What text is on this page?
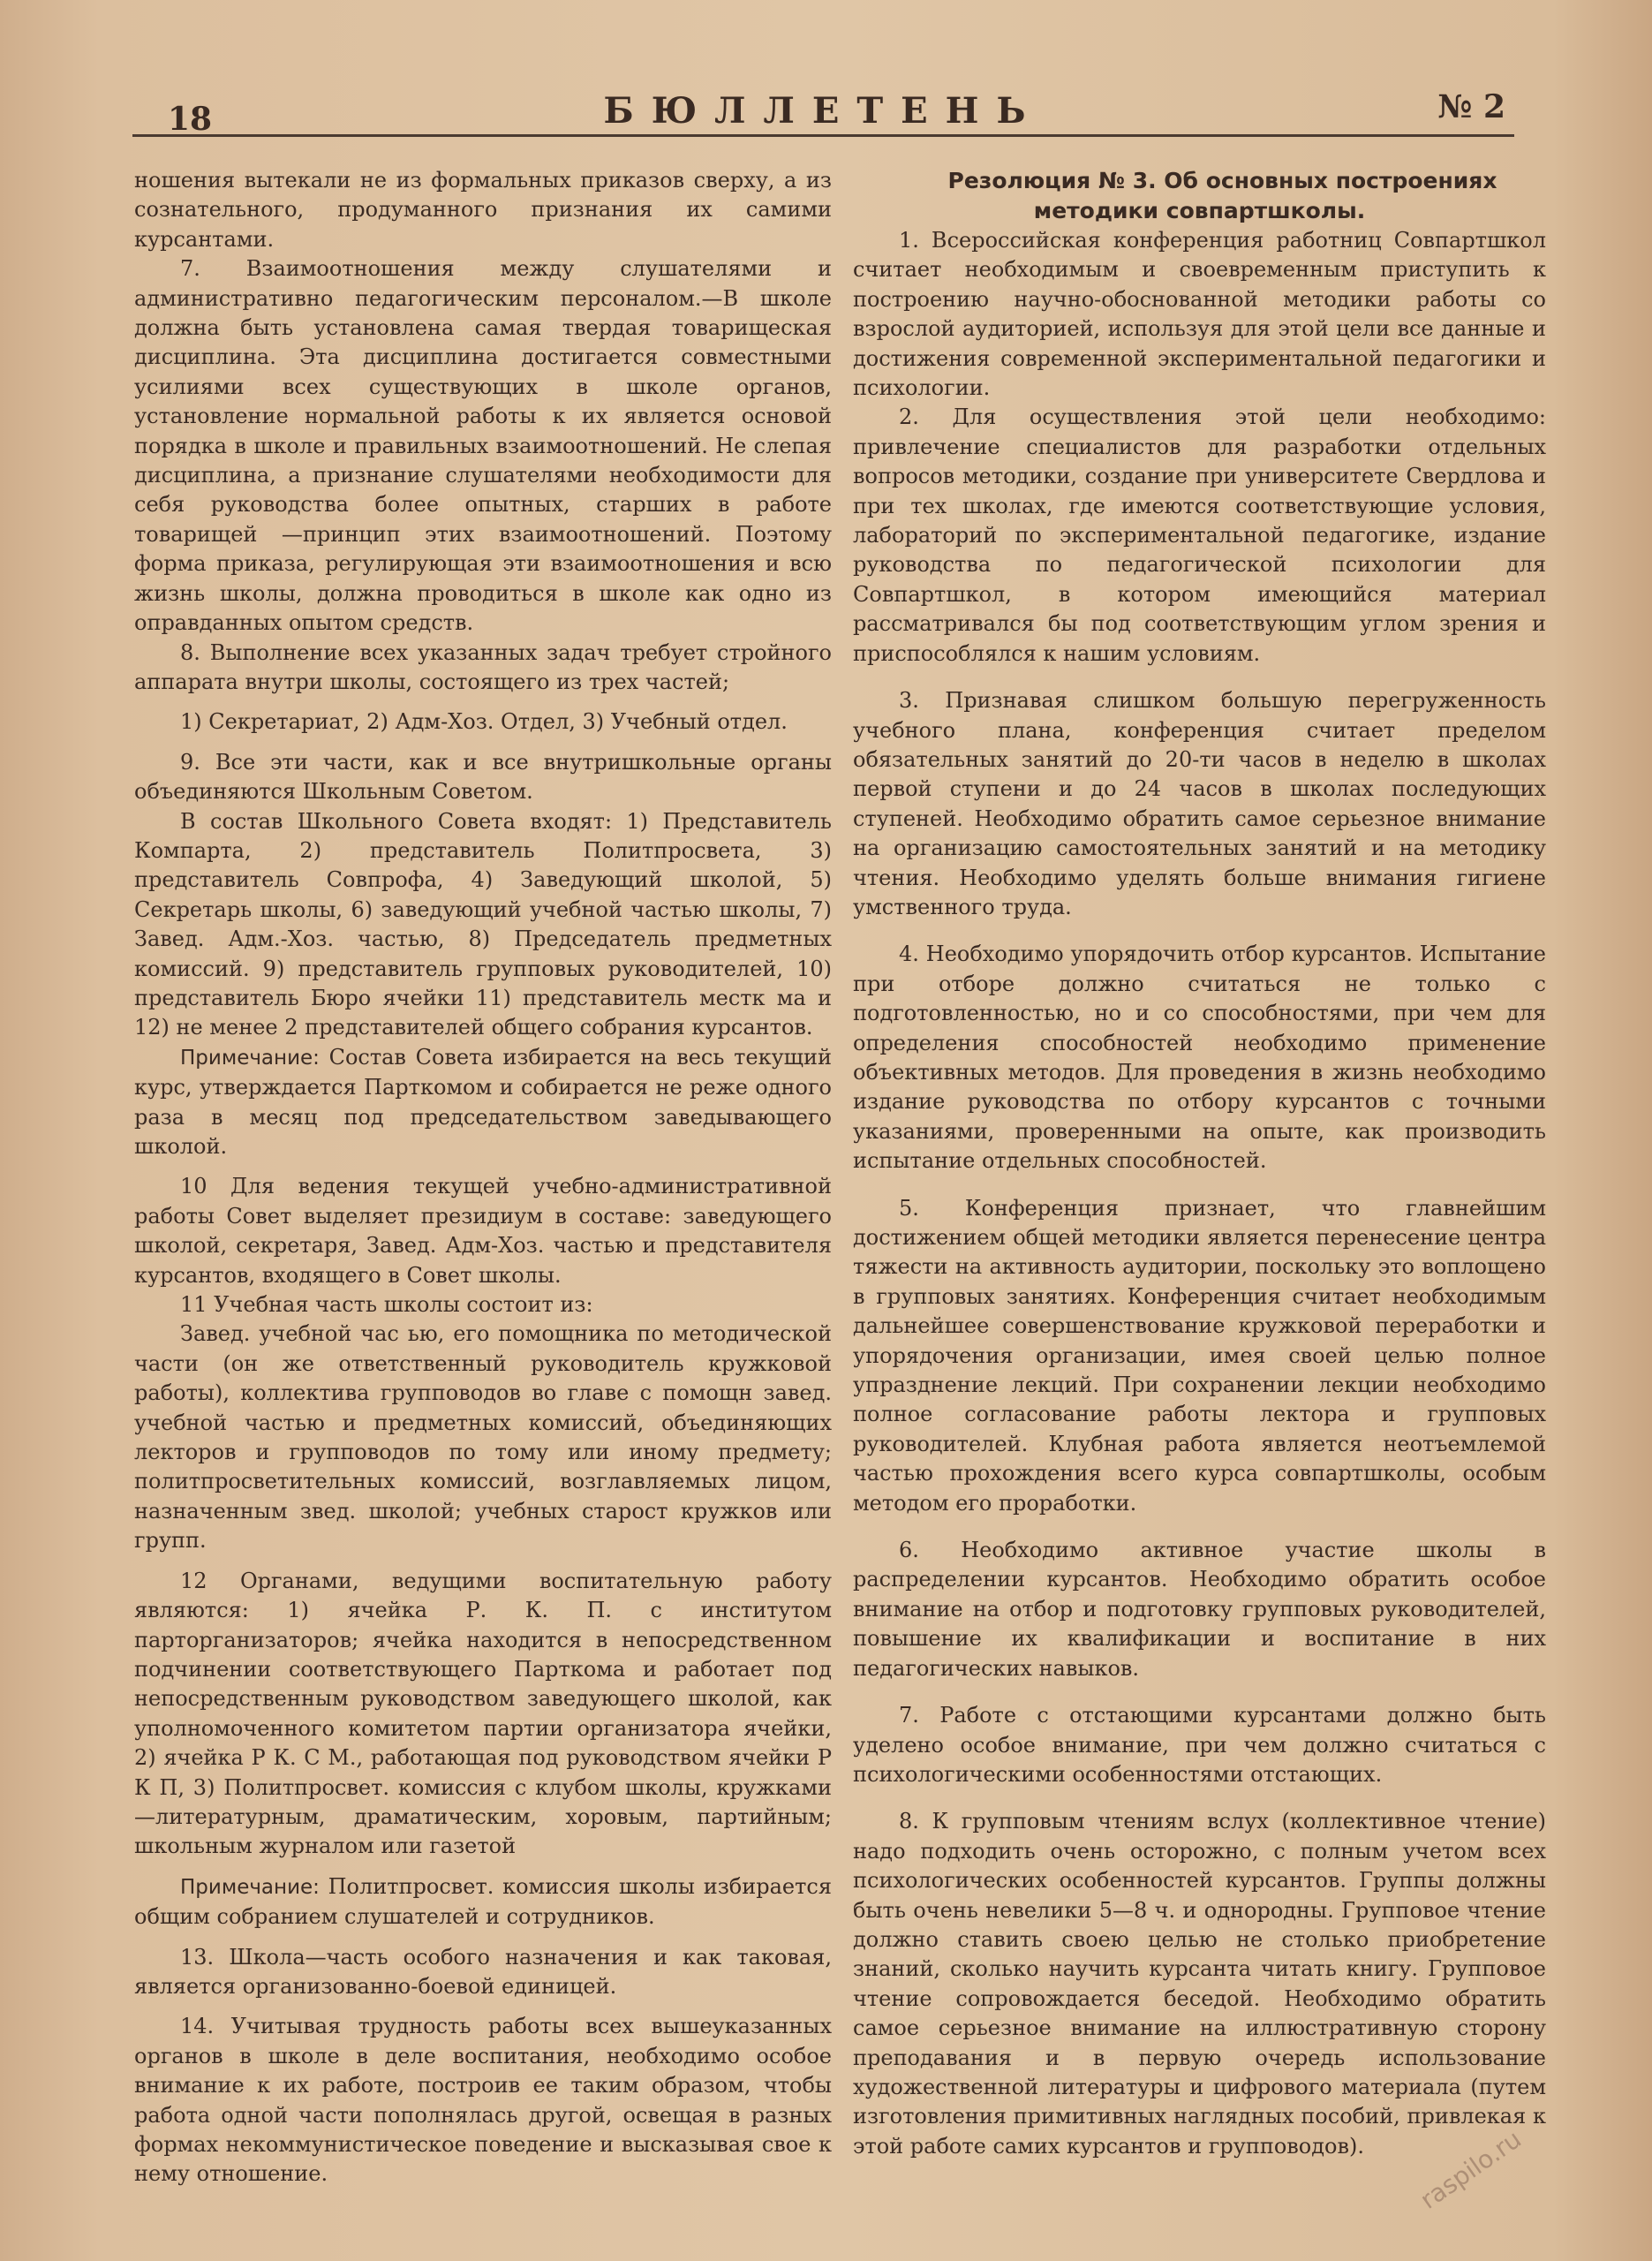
18	БЮЛЛЕТЕНЬ	№ 2

ношения вытекали не из формальных приказов сверху, а из сознательного, продуманного признания их самими курсантами.

7. Взаимоотношения между слушателями и административно педагогическим персоналом.—В школе должна быть установлена самая твердая товарищеская дисциплина. Эта дисциплина достигается совместными усилиями всех существующих в школе органов, установление нормальной работы к их является основой порядка в школе и правильных взаимоотношений. Не слепая дисциплина, а признание слушателями необходимости для себя руководства более опытных, старших в работе товарищей —принцип этих взаимоотношений. Поэтому форма приказа, регулирующая эти взаимоотношения и всю жизнь школы, должна проводиться в школе как одно из оправданных опытом средств.

8. Выполнение всех указанных задач требует стройного аппарата внутри школы, состоящего из трех частей;

1) Секретариат, 2) Адм-Хоз. Отдел, 3) Учебный отдел.

9. Все эти части, как и все внутришкольные органы объединяются Школьным Советом.

В состав Школьного Совета входят: 1) Представитель Компарта, 2) представитель Политпросвета, 3) представитель Совпрофа, 4) Заведующий школой, 5) Секретарь школы, 6) заведующий учебной частью школы, 7) Завед. Адм.-Хоз. частью, 8) Председатель предметных комиссий. 9) представитель групповых руководителей, 10) представитель Бюро ячейки 11) представитель местк ма и 12) не менее 2 представителей общего собрания курсантов.

Примечание: Состав Совета избирается на весь текущий курс, утверждается Парткомом и собирается не реже одного раза в месяц под председательством заведывающего школой.

10 Для ведения текущей учебно-административной работы Совет выделяет президиум в составе: заведующего школой, секретаря, Завед. Адм-Хоз. частью и представителя курсантов, входящего в Совет школы.

11 Учебная часть школы состоит из:

Завед. учебной час ью, его помощника по методической части (он же ответственный руководитель кружковой работы), коллектива групповодов во главе с помощн завед. учебной частью и предметных комиссий, объединяющих лекторов и групповодов по тому или иному предмету; политпросветительных комиссий, возглавляемых лицом, назначенным звед. школой; учебных старост кружков или групп.

12 Органами, ведущими воспитательную работу являются: 1) ячейка Р. К. П. с институтом парторганизаторов; ячейка находится в непосредственном подчинении соответствующего Парткома и работает под непосредственным руководством заведующего школой, как уполномоченного комитетом партии организатора ячейки, 2) ячейка Р К. С М., работающая под руководством ячейки Р К П, 3) Политпросвет. комиссия с клубом школы, кружками—литературным, драматическим, хоровым, партийным; школьным журналом или газетой

Примечание: Политпросвет. комиссия школы избирается общим собранием слушателей и сотрудников.

13. Школа—часть особого назначения и как таковая, является организованно-боевой единицей.

14. Учитывая трудность работы всех вышеуказанных органов в школе в деле воспитания, необходимо особое внимание к их работе, построив ее таким образом, чтобы работа одной части пополнялась другой, освещая в разных формах некоммунистическое поведение и высказывая свое к нему отношение.

Резолюция № 3. Об основных построениях методики совпартшколы.

1. Всероссийская конференция работниц Совпартшкол считает необходимым и своевременным приступить к построению научно-обоснованной методики работы со взрослой аудиторией, используя для этой цели все данные и достижения современной экспериментальной педагогики и психологии.

2. Для осуществления этой цели необходимо: привлечение специалистов для разработки отдельных вопросов методики, создание при университете Свердлова и при тех школах, где имеются соответствующие условия, лабораторий по экспериментальной педагогике, издание руководства по педагогической психологии для Совпартшкол, в котором имеющийся материал рассматривался бы под соответствующим углом зрения и приспособлялся к нашим условиям.

3. Признавая слишком большую перегруженность учебного плана, конференция считает пределом обязательных занятий до 20-ти часов в неделю в школах первой ступени и до 24 часов в школах последующих ступеней. Необходимо обратить самое серьезное внимание на организацию самостоятельных занятий и на методику чтения. Необходимо уделять больше внимания гигиене умственного труда.

4. Необходимо упорядочить отбор курсантов. Испытание при отборе должно считаться не только с подготовленностью, но и со способностями, при чем для определения способностей необходимо применение объективных методов. Для проведения в жизнь необходимо издание руководства по отбору курсантов с точными указаниями, проверенными на опыте, как производить испытание отдельных способностей.

5. Конференция признает, что главнейшим достижением общей методики является перенесение центра тяжести на активность аудитории, поскольку это воплощено в групповых занятиях. Конференция считает необходимым дальнейшее совершенствование кружковой переработки и упорядочения организации, имея своей целью полное упразднение лекций. При сохранении лекции необходимо полное согласование работы лектора и групповых руководителей. Клубная работа является неотъемлемой частью прохождения всего курса совпартшколы, особым методом его проработки.

6. Необходимо активное участие школы в распределении курсантов. Необходимо обратить особое внимание на отбор и подготовку групповых руководителей, повышение их квалификации и воспитание в них педагогических навыков.

7. Работе с отстающими курсантами должно быть уделено особое внимание, при чем должно считаться с психологическими особенностями отстающих.

8. К групповым чтениям вслух (коллективное чтение) надо подходить очень осторожно, с полным учетом всех психологических особенностей курсантов. Группы должны быть очень невелики 5—8 ч. и однородны. Групповое чтение должно ставить своею целью не столько приобретение знаний, сколько научить курсанта читать книгу. Групповое чтение сопровождается беседой. Необходимо обратить самое серьезное внимание на иллюстративную сторону преподавания и в первую очередь использование художественной литературы и цифрового материала (путем изготовления примитивных наглядных пособий, привлекая к этой работе самих курсантов и групповодов).	raspilo.ru
